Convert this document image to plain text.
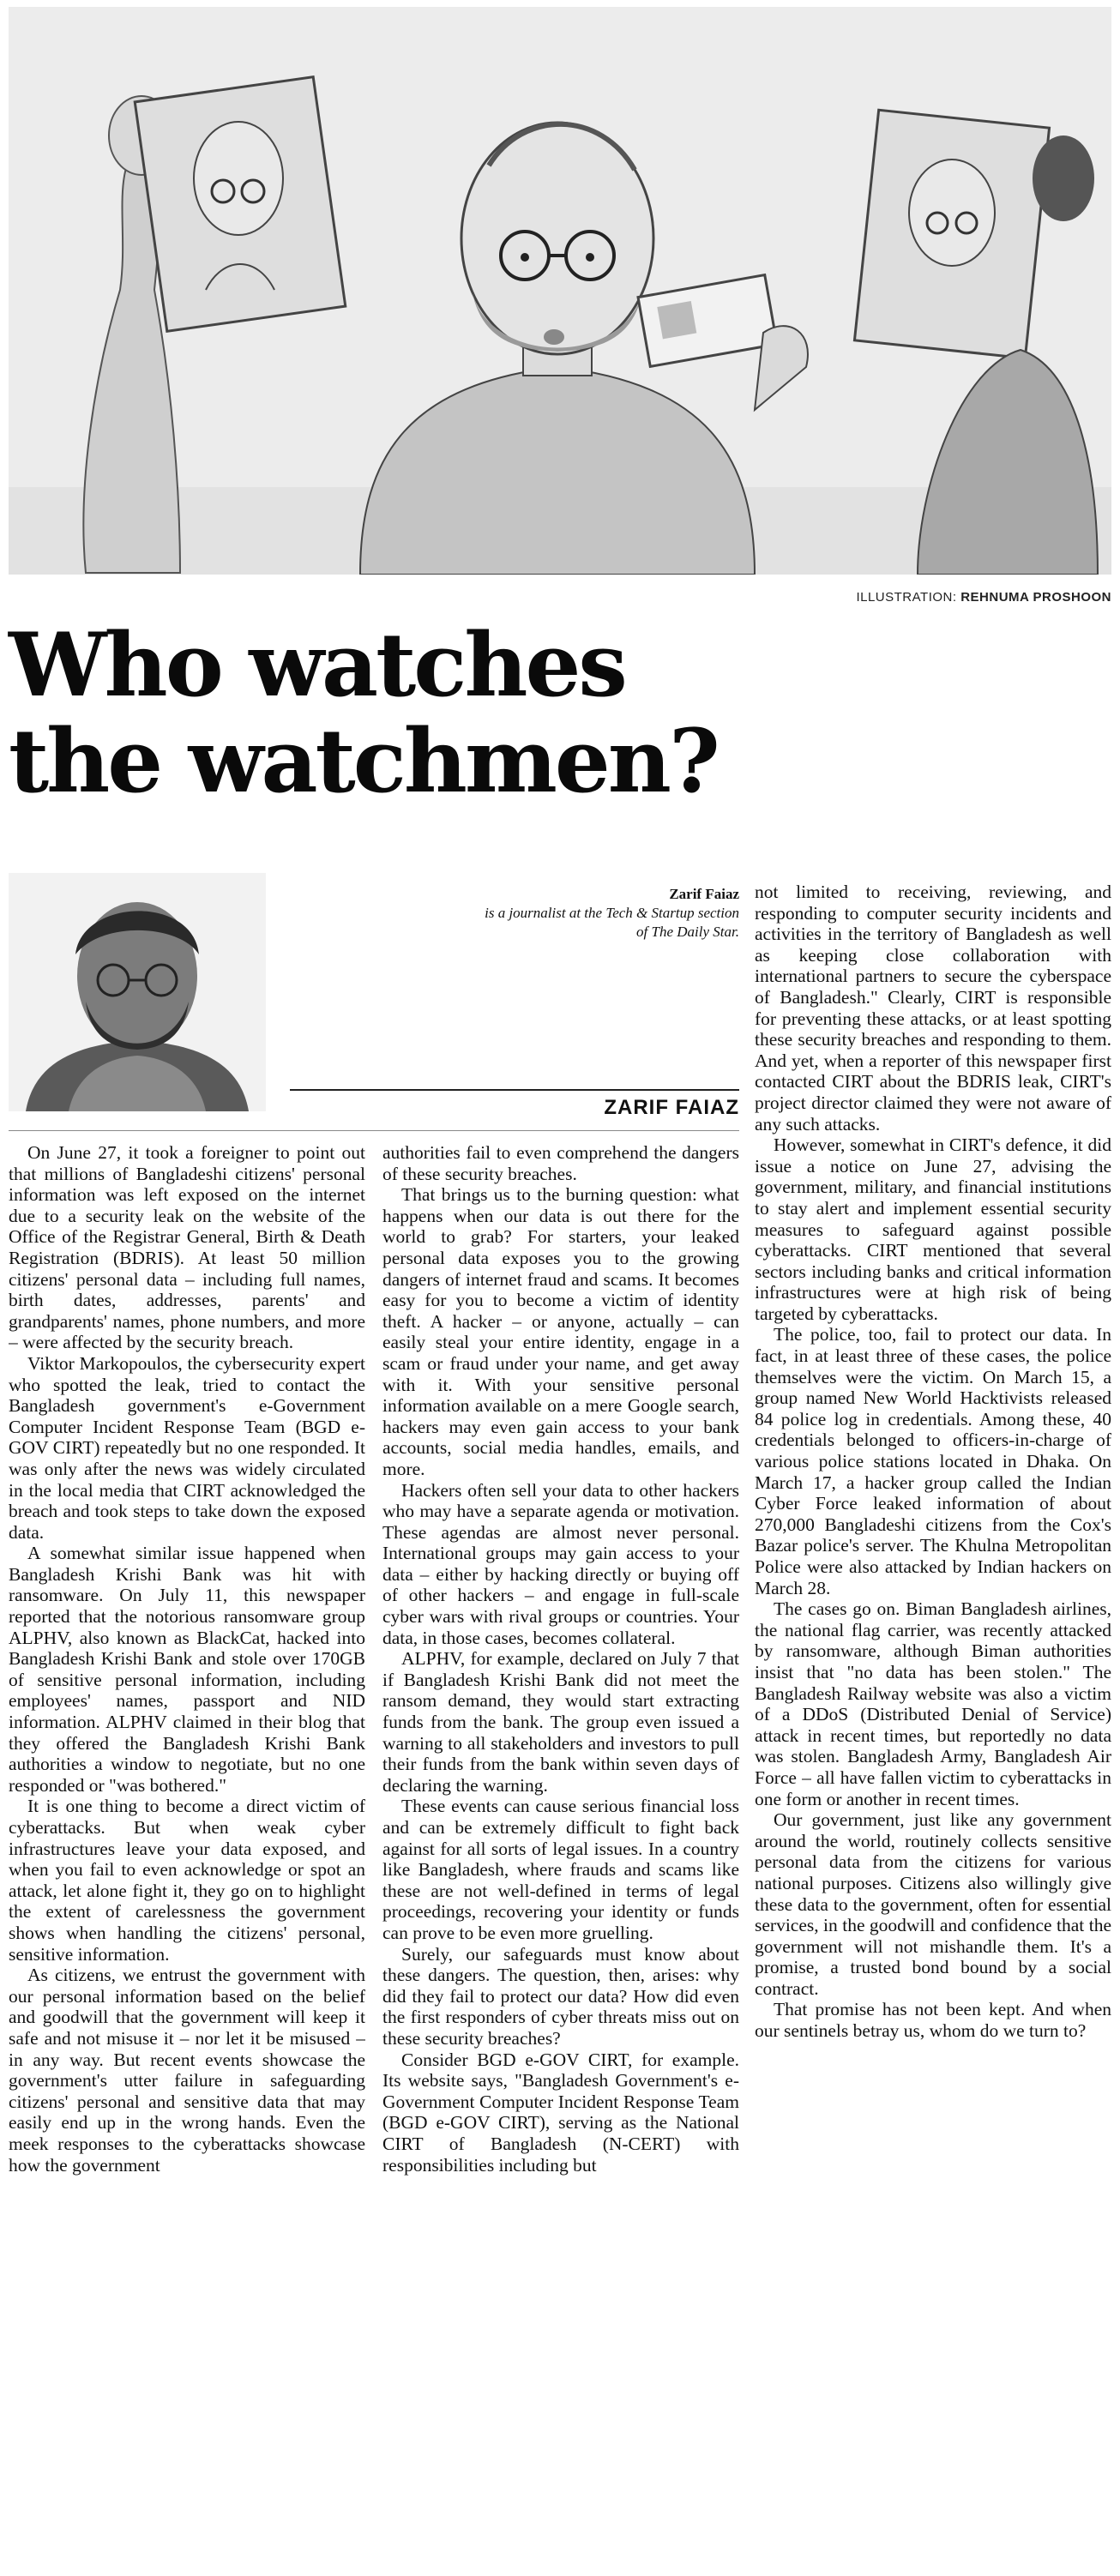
ILLUSTRATION: REHNUMA PROSHOON
Who watches the watchmen?
Zarif Faiaz
is a journalist at the Tech & Startup section of The Daily Star.
ZARIF FAIAZ

On June 27, it took a foreigner to point out that millions of Bangladeshi citizens' personal information was left exposed on the internet due to a security leak on the website of the Office of the Registrar General, Birth & Death Registration (BDRIS). At least 50 million citizens' personal data – including full names, birth dates, addresses, parents' and grandparents' names, phone numbers, and more – were affected by the security breach.

Viktor Markopoulos, the cybersecurity expert who spotted the leak, tried to contact the Bangladesh government's e-Government Computer Incident Response Team (BGD e-GOV CIRT) repeatedly but no one responded. It was only after the news was widely circulated in the local media that CIRT acknowledged the breach and took steps to take down the exposed data.

A somewhat similar issue happened when Bangladesh Krishi Bank was hit with ransomware. On July 11, this newspaper reported that the notorious ransomware group ALPHV, also known as BlackCat, hacked into Bangladesh Krishi Bank and stole over 170GB of sensitive personal information, including employees' names, passport and NID information. ALPHV claimed in their blog that they offered the Bangladesh Krishi Bank authorities a window to negotiate, but no one responded or "was bothered."

It is one thing to become a direct victim of cyberattacks. But when weak cyber infrastructures leave your data exposed, and when you fail to even acknowledge or spot an attack, let alone fight it, they go on to highlight the extent of carelessness the government shows when handling the citizens' personal, sensitive information.

As citizens, we entrust the government with our personal information based on the belief and goodwill that the government will keep it safe and not misuse it – nor let it be misused – in any way. But recent events showcase the government's utter failure in safeguarding citizens' personal and sensitive data that may easily end up in the wrong hands. Even the meek responses to the cyberattacks showcase how the government

authorities fail to even comprehend the dangers of these security breaches.

That brings us to the burning question: what happens when our data is out there for the world to grab? For starters, your leaked personal data exposes you to the growing dangers of internet fraud and scams. It becomes easy for you to become a victim of identity theft. A hacker – or anyone, actually – can easily steal your entire identity, engage in a scam or fraud under your name, and get away with it. With your sensitive personal information available on a mere Google search, hackers may even gain access to your bank accounts, social media handles, emails, and more.

Hackers often sell your data to other hackers who may have a separate agenda or motivation. These agendas are almost never personal. International groups may gain access to your data – either by hacking directly or buying off of other hackers – and engage in full-scale cyber wars with rival groups or countries. Your data, in those cases, becomes collateral.

ALPHV, for example, declared on July 7 that if Bangladesh Krishi Bank did not meet the ransom demand, they would start extracting funds from the bank. The group even issued a warning to all stakeholders and investors to pull their funds from the bank within seven days of declaring the warning.

These events can cause serious financial loss and can be extremely difficult to fight back against for all sorts of legal issues. In a country like Bangladesh, where frauds and scams like these are not well-defined in terms of legal proceedings, recovering your identity or funds can prove to be even more gruelling.

Surely, our safeguards must know about these dangers. The question, then, arises: why did they fail to protect our data? How did even the first responders of cyber threats miss out on these security breaches?

Consider BGD e-GOV CIRT, for example. Its website says, "Bangladesh Government's e-Government Computer Incident Response Team (BGD e-GOV CIRT), serving as the National CIRT of Bangladesh (N-CERT) with responsibilities including but

not limited to receiving, reviewing, and responding to computer security incidents and activities in the territory of Bangladesh as well as keeping close collaboration with international partners to secure the cyberspace of Bangladesh." Clearly, CIRT is responsible for preventing these attacks, or at least spotting these security breaches and responding to them. And yet, when a reporter of this newspaper first contacted CIRT about the BDRIS leak, CIRT's project director claimed they were not aware of any such attacks.

However, somewhat in CIRT's defence, it did issue a notice on June 27, advising the government, military, and financial institutions to stay alert and implement essential security measures to safeguard against possible cyberattacks. CIRT mentioned that several sectors including banks and critical information infrastructures were at high risk of being targeted by cyberattacks.

The police, too, fail to protect our data. In fact, in at least three of these cases, the police themselves were the victim. On March 15, a group named New World Hacktivists released 84 police log in credentials. Among these, 40 credentials belonged to officers-in-charge of various police stations located in Dhaka. On March 17, a hacker group called the Indian Cyber Force leaked information of about 270,000 Bangladeshi citizens from the Cox's Bazar police's server. The Khulna Metropolitan Police were also attacked by Indian hackers on March 28.

The cases go on. Biman Bangladesh airlines, the national flag carrier, was recently attacked by ransomware, although Biman authorities insist that "no data has been stolen." The Bangladesh Railway website was also a victim of a DDoS (Distributed Denial of Service) attack in recent times, but reportedly no data was stolen. Bangladesh Army, Bangladesh Air Force – all have fallen victim to cyberattacks in one form or another in recent times.

Our government, just like any government around the world, routinely collects sensitive personal data from the citizens for various national purposes. Citizens also willingly give these data to the government, often for essential services, in the goodwill and confidence that the government will not mishandle them. It's a promise, a trusted bond bound by a social contract.

That promise has not been kept. And when our sentinels betray us, whom do we turn to?
